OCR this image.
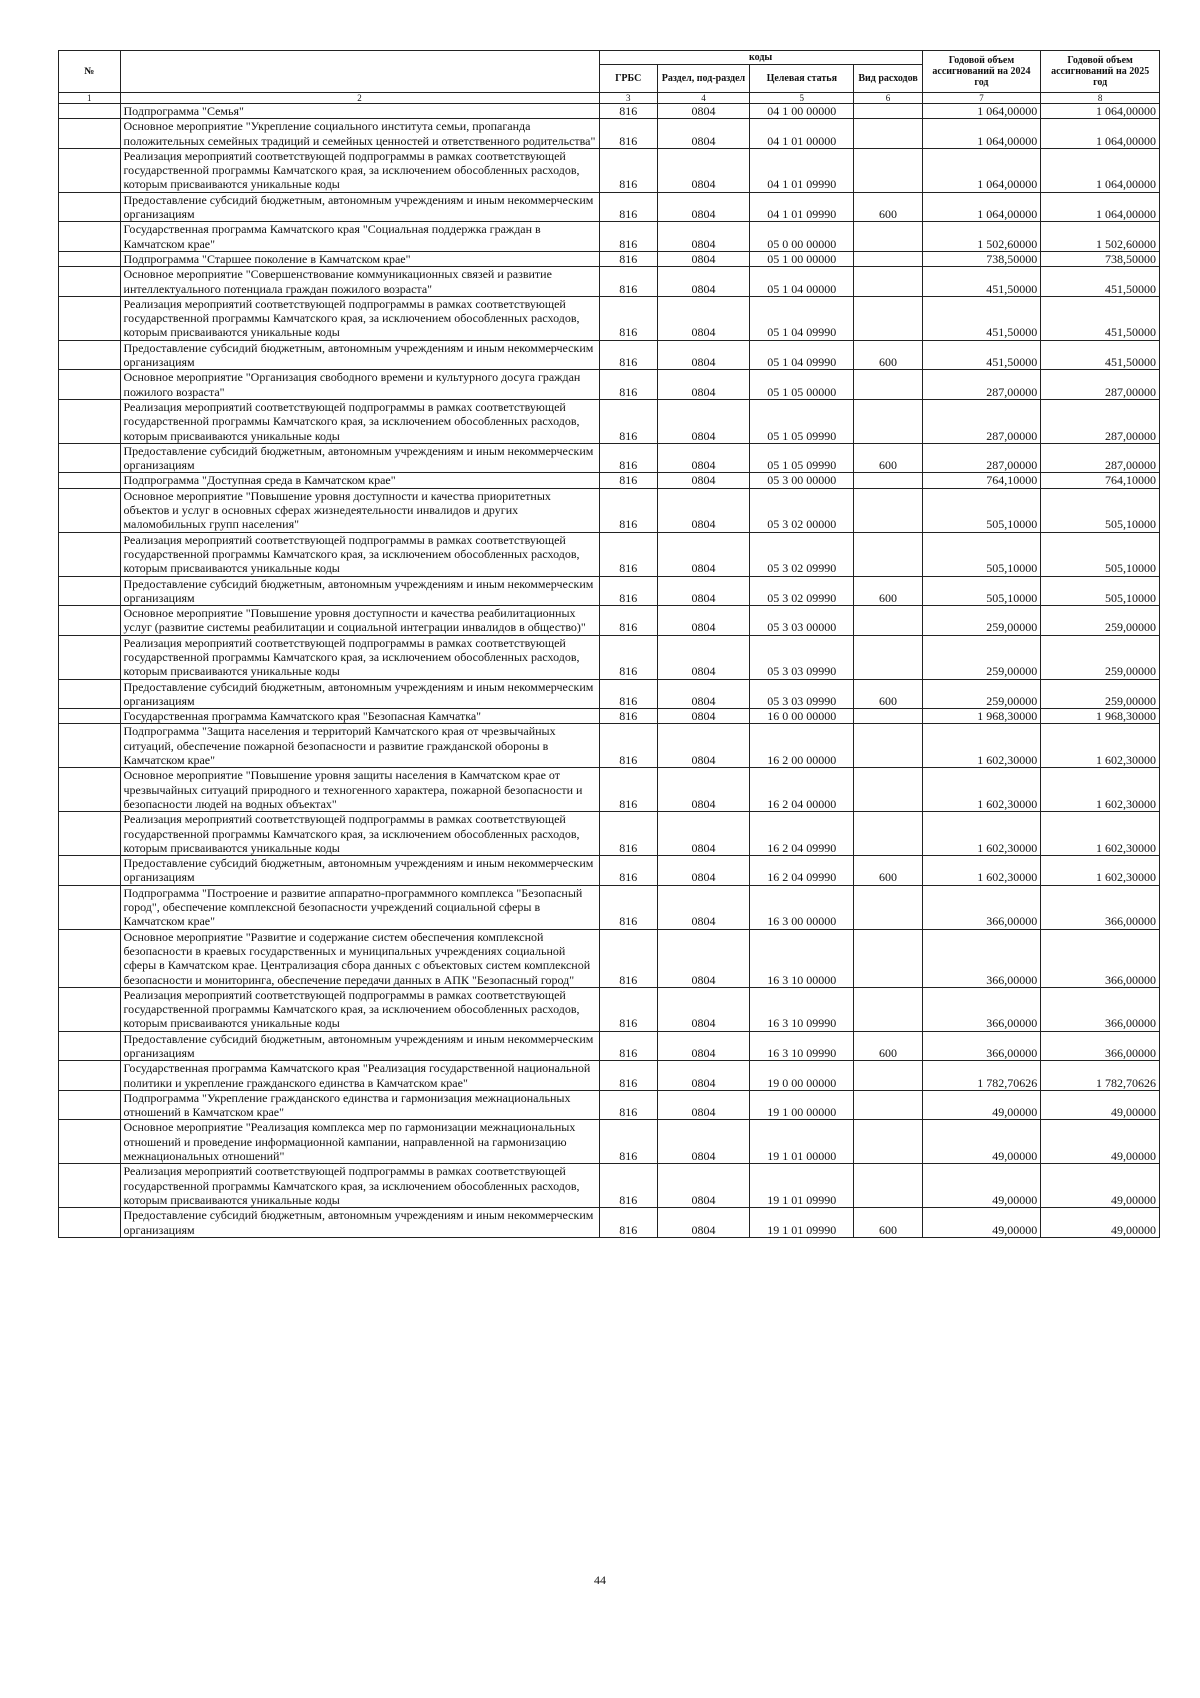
№		коды				Годовой объем ассигнований на 2024 год	Годовой объем ассигнований на 2025 год
		ГРБС	Раздел, под-раздел	Целевая статья	Вид расходов		
1	2	3	4	5	6	7	8
	Подпрограмма "Семья"	816	0804	04 1 00 00000		1 064,00000	1 064,00000
	Основное мероприятие "Укрепление социального института семьи, пропаганда положительных семейных традиций и семейных ценностей и ответственного родительства"	816	0804	04 1 01 00000		1 064,00000	1 064,00000
	Реализация мероприятий соответствующей подпрограммы в рамках соответствующей государственной программы Камчатского края, за исключением обособленных расходов, которым присваиваются уникальные коды	816	0804	04 1 01 09990		1 064,00000	1 064,00000
	Предоставление субсидий бюджетным, автономным учреждениям и иным некоммерческим организациям	816	0804	04 1 01 09990	600	1 064,00000	1 064,00000
	Государственная программа Камчатского края "Социальная поддержка граждан в Камчатском крае"	816	0804	05 0 00 00000		1 502,60000	1 502,60000
	Подпрограмма "Старшее поколение в Камчатском крае"	816	0804	05 1 00 00000		738,50000	738,50000
	Основное мероприятие "Совершенствование коммуникационных связей и развитие интеллектуального потенциала граждан пожилого возраста"	816	0804	05 1 04 00000		451,50000	451,50000
	Реализация мероприятий соответствующей подпрограммы в рамках соответствующей государственной программы Камчатского края, за исключением обособленных расходов, которым присваиваются уникальные коды	816	0804	05 1 04 09990		451,50000	451,50000
	Предоставление субсидий бюджетным, автономным учреждениям и иным некоммерческим организациям	816	0804	05 1 04 09990	600	451,50000	451,50000
	Основное мероприятие "Организация свободного времени и культурного досуга граждан пожилого возраста"	816	0804	05 1 05 00000		287,00000	287,00000
	Реализация мероприятий соответствующей подпрограммы в рамках соответствующей государственной программы Камчатского края, за исключением обособленных расходов, которым присваиваются уникальные коды	816	0804	05 1 05 09990		287,00000	287,00000
	Предоставление субсидий бюджетным, автономным учреждениям и иным некоммерческим организациям	816	0804	05 1 05 09990	600	287,00000	287,00000
	Подпрограмма "Доступная среда в Камчатском крае"	816	0804	05 3 00 00000		764,10000	764,10000
	Основное мероприятие "Повышение уровня доступности и качества приоритетных объектов и услуг в основных сферах жизнедеятельности инвалидов и других маломобильных групп населения"	816	0804	05 3 02 00000		505,10000	505,10000
	Реализация мероприятий соответствующей подпрограммы в рамках соответствующей государственной программы Камчатского края, за исключением обособленных расходов, которым присваиваются уникальные коды	816	0804	05 3 02 09990		505,10000	505,10000
	Предоставление субсидий бюджетным, автономным учреждениям и иным некоммерческим организациям	816	0804	05 3 02 09990	600	505,10000	505,10000
	Основное мероприятие "Повышение уровня доступности и качества реабилитационных услуг (развитие системы реабилитации и социальной интеграции инвалидов в общество)"	816	0804	05 3 03 00000		259,00000	259,00000
	Реализация мероприятий соответствующей подпрограммы в рамках соответствующей государственной программы Камчатского края, за исключением обособленных расходов, которым присваиваются уникальные коды	816	0804	05 3 03 09990		259,00000	259,00000
	Предоставление субсидий бюджетным, автономным учреждениям и иным некоммерческим организациям	816	0804	05 3 03 09990	600	259,00000	259,00000
	Государственная программа Камчатского края "Безопасная Камчатка"	816	0804	16 0 00 00000		1 968,30000	1 968,30000
	Подпрограмма "Защита населения и территорий Камчатского края от чрезвычайных ситуаций, обеспечение пожарной безопасности и развитие гражданской обороны в Камчатском крае"	816	0804	16 2 00 00000		1 602,30000	1 602,30000
	Основное мероприятие "Повышение уровня защиты населения в Камчатском крае от чрезвычайных ситуаций природного и техногенного характера, пожарной безопасности и безопасности людей на водных объектах"	816	0804	16 2 04 00000		1 602,30000	1 602,30000
	Реализация мероприятий соответствующей подпрограммы в рамках соответствующей государственной программы Камчатского края, за исключением обособленных расходов, которым присваиваются уникальные коды	816	0804	16 2 04 09990		1 602,30000	1 602,30000
	Предоставление субсидий бюджетным, автономным учреждениям и иным некоммерческим организациям	816	0804	16 2 04 09990	600	1 602,30000	1 602,30000
	Подпрограмма "Построение и развитие аппаратно-программного комплекса "Безопасный город", обеспечение комплексной безопасности учреждений социальной сферы в Камчатском крае"	816	0804	16 3 00 00000		366,00000	366,00000
	Основное мероприятие "Развитие и содержание систем обеспечения комплексной безопасности в краевых государственных и муниципальных учреждениях социальной сферы в Камчатском крае. Централизация сбора данных с объектовых систем комплексной безопасности и мониторинга, обеспечение передачи данных в АПК "Безопасный город"	816	0804	16 3 10 00000		366,00000	366,00000
	Реализация мероприятий соответствующей подпрограммы в рамках соответствующей государственной программы Камчатского края, за исключением обособленных расходов, которым присваиваются уникальные коды	816	0804	16 3 10 09990		366,00000	366,00000
	Предоставление субсидий бюджетным, автономным учреждениям и иным некоммерческим организациям	816	0804	16 3 10 09990	600	366,00000	366,00000
	Государственная программа Камчатского края "Реализация государственной национальной политики и укрепление гражданского единства в Камчатском крае"	816	0804	19 0 00 00000		1 782,70626	1 782,70626
	Подпрограмма "Укрепление гражданского единства и гармонизация межнациональных отношений в Камчатском крае"	816	0804	19 1 00 00000		49,00000	49,00000
	Основное мероприятие "Реализация комплекса мер по гармонизации межнациональных отношений и проведение информационной кампании, направленной на гармонизацию межнациональных отношений"	816	0804	19 1 01 00000		49,00000	49,00000
	Реализация мероприятий соответствующей подпрограммы в рамках соответствующей государственной программы Камчатского края, за исключением обособленных расходов, которым присваиваются уникальные коды	816	0804	19 1 01 09990		49,00000	49,00000
	Предоставление субсидий бюджетным, автономным учреждениям и иным некоммерческим организациям	816	0804	19 1 01 09990	600	49,00000	49,00000
44
